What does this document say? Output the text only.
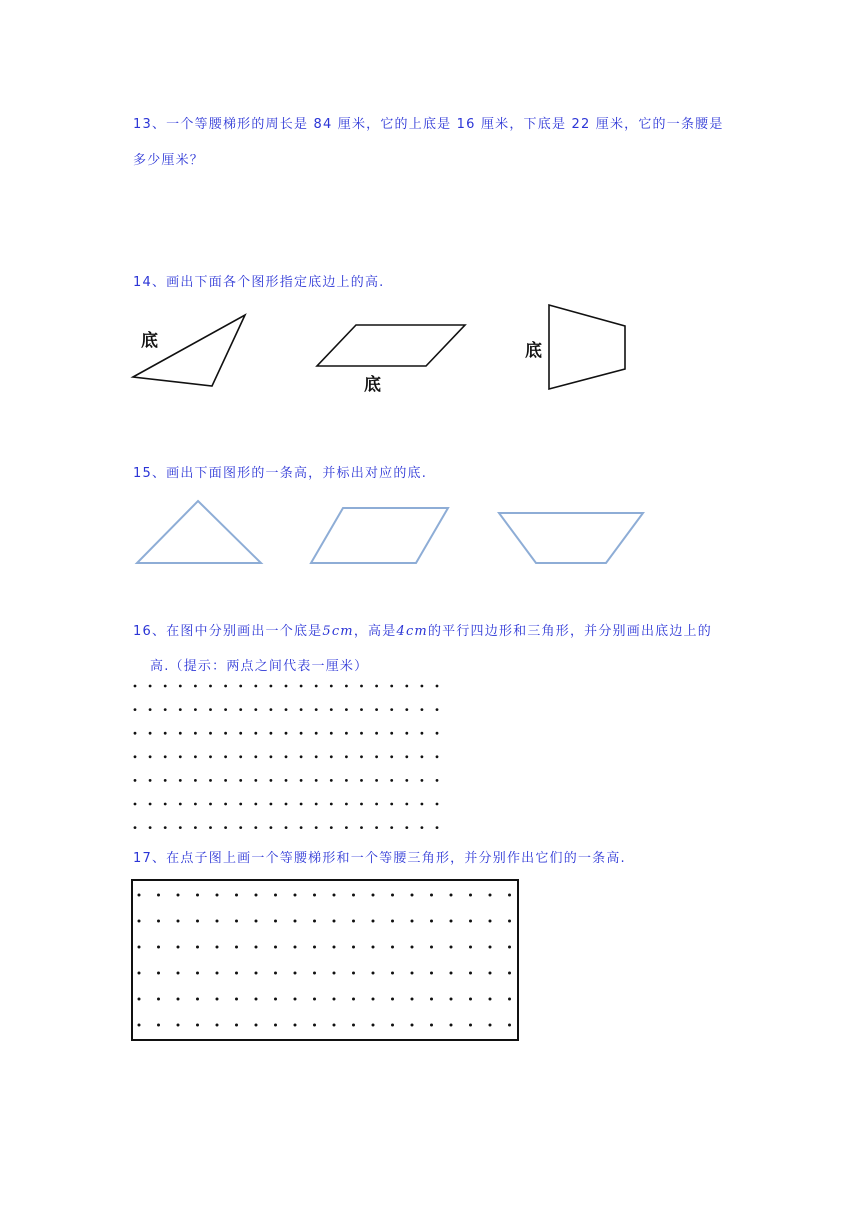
13、一个等腰梯形的周长是 84 厘米，它的上底是 16 厘米，下底是 22 厘米，它的一条腰是
多少厘米？
14、画出下面各个图形指定底边上的高.
底
底
底
15、画出下面图形的一条高，并标出对应的底.
16、在图中分别画出一个底是5cm，高是4cm的平行四边形和三角形，并分别画出底边上的
高.（提示：两点之间代表一厘米）
17、在点子图上画一个等腰梯形和一个等腰三角形，并分别作出它们的一条高.
